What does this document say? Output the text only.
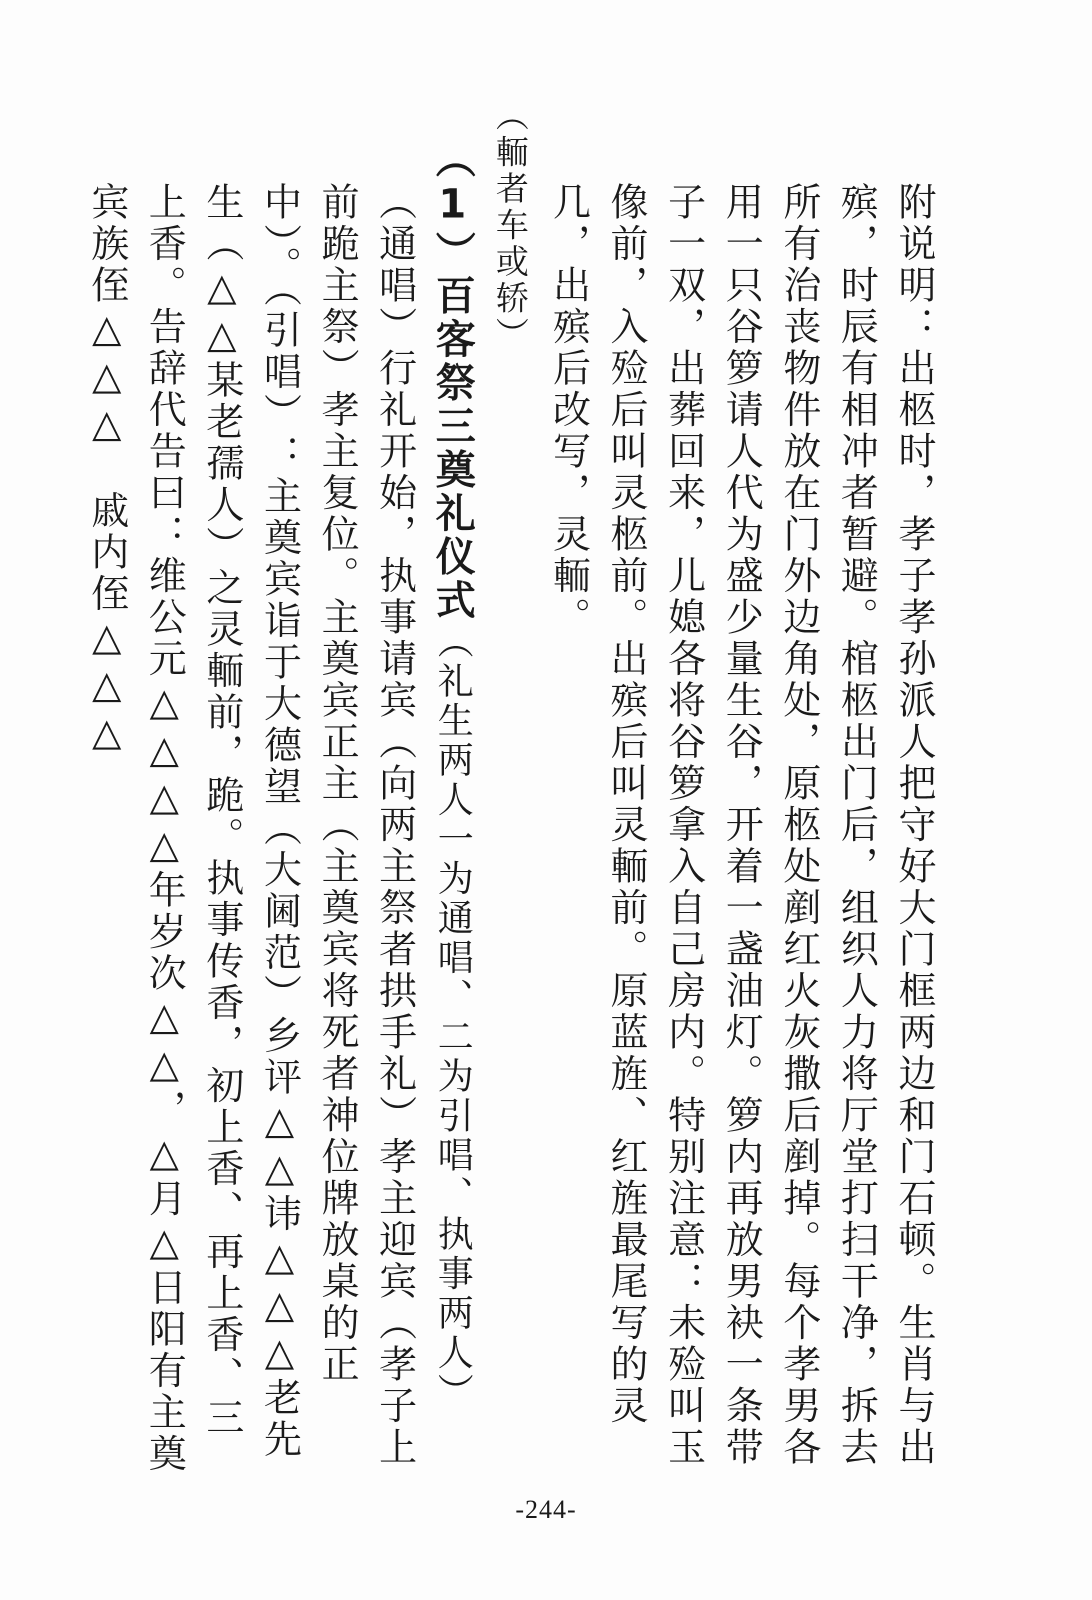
附说明：出柩时，孝子孝孙派人把守好大门框两边和门石顿。生肖与出殡，时辰有相冲者暂避。棺柩出门后，组织人力将厅堂打扫干净，拆去所有治丧物件放在门外边角处，原柩处剷红火灰撒后剷掉。每个孝男各用一只谷箩请人代为盛少量生谷，开着一盏油灯。箩内再放男袂一条带子一双，出葬回来，儿媳各将谷箩拿入自己房内。特别注意：未殓叫玉像前，入殓后叫灵柩前。出殡后叫灵輀前。原蓝旌、红旌最尾写的灵几，出殡后改写，灵輀。

（輀者车或轿）

（1）百客祭三奠礼仪式（礼生两人一为通唱、二为引唱、执事两人）

（通唱）行礼开始，执事请宾（向两主祭者拱手礼）孝主迎宾（孝子上前跪主祭）孝主复位。主奠宾正主（主奠宾将死者神位牌放桌的正中）。（引唱）：主奠宾诣于大德望（大阃范）乡评△△讳△△△老先生（△△某老孺人）之灵輀前，跪。执事传香，初上香、再上香、三上香。告辞代告曰：维公元△△△△年岁次△△，△月△日阳有主奠宾族侄△△△　戚内侄△△△

-244-
